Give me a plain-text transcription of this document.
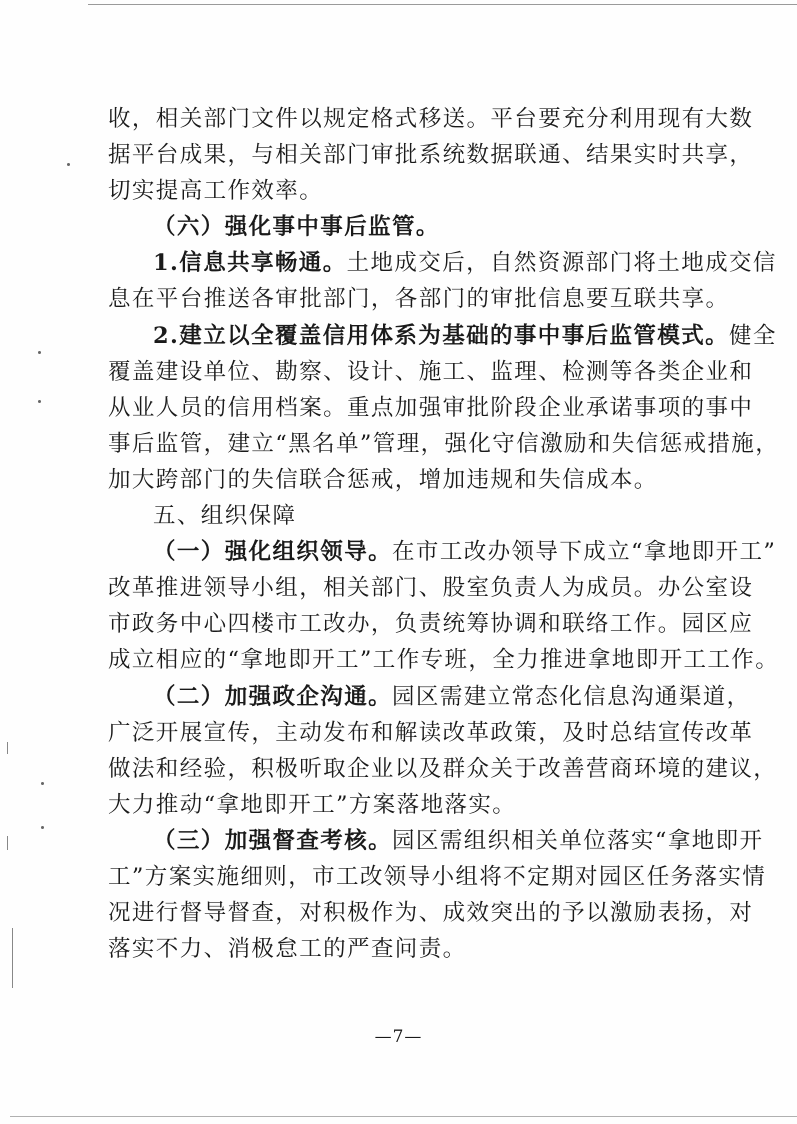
收，相关部门文件以规定格式移送。平台要充分利用现有大数
据平台成果，与相关部门审批系统数据联通、结果实时共享，
切实提高工作效率。
（六）强化事中事后监管。
1.信息共享畅通。土地成交后，自然资源部门将土地成交信
息在平台推送各审批部门，各部门的审批信息要互联共享。
2.建立以全覆盖信用体系为基础的事中事后监管模式。健全
覆盖建设单位、勘察、设计、施工、监理、检测等各类企业和
从业人员的信用档案。重点加强审批阶段企业承诺事项的事中
事后监管，建立“黑名单”管理，强化守信激励和失信惩戒措施，
加大跨部门的失信联合惩戒，增加违规和失信成本。
五、组织保障
（一）强化组织领导。在市工改办领导下成立“拿地即开工”
改革推进领导小组，相关部门、股室负责人为成员。办公室设
市政务中心四楼市工改办，负责统筹协调和联络工作。园区应
成立相应的“拿地即开工”工作专班，全力推进拿地即开工工作。
（二）加强政企沟通。园区需建立常态化信息沟通渠道，
广泛开展宣传，主动发布和解读改革政策，及时总结宣传改革
做法和经验，积极听取企业以及群众关于改善营商环境的建议，
大力推动“拿地即开工”方案落地落实。
（三）加强督查考核。园区需组织相关单位落实“拿地即开
工”方案实施细则，市工改领导小组将不定期对园区任务落实情
况进行督导督查，对积极作为、成效突出的予以激励表扬，对
落实不力、消极怠工的严查问责。
—7—
